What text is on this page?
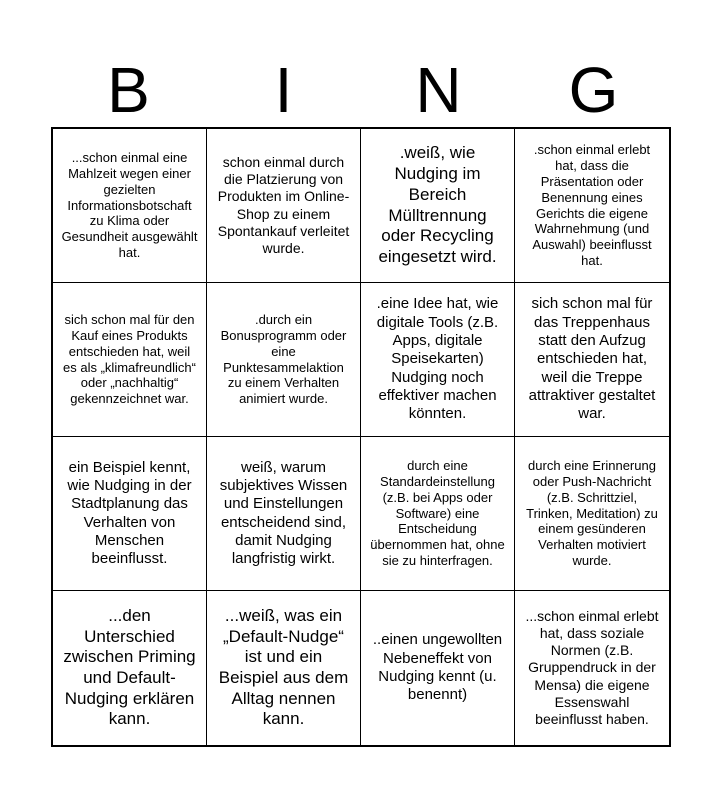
B	I	N	G
...schon einmal eine Mahlzeit wegen einer gezielten Informationsbotschaft zu Klima oder Gesundheit ausgewählt hat.
schon einmal durch die Platzierung von Produkten im Online-Shop zu einem Spontankauf verleitet wurde.
.weiß, wie Nudging im Bereich Mülltrennung oder Recycling eingesetzt wird.
.schon einmal erlebt hat, dass die Präsentation oder Benennung eines Gerichts die eigene Wahrnehmung (und Auswahl) beeinflusst hat.
sich schon mal für den Kauf eines Produkts entschieden hat, weil es als „klimafreundlich“ oder „nachhaltig“ gekennzeichnet war.
.durch ein Bonusprogramm oder eine Punktesammelaktion zu einem Verhalten animiert wurde.
.eine Idee hat, wie digitale Tools (z.B. Apps, digitale Speisekarten) Nudging noch effektiver machen könnten.
sich schon mal für das Treppenhaus statt den Aufzug entschieden hat, weil die Treppe attraktiver gestaltet war.
ein Beispiel kennt, wie Nudging in der Stadtplanung das Verhalten von Menschen beeinflusst.
weiß, warum subjektives Wissen und Einstellungen entscheidend sind, damit Nudging langfristig wirkt.
durch eine Standardeinstellung (z.B. bei Apps oder Software) eine Entscheidung übernommen hat, ohne sie zu hinterfragen.
durch eine Erinnerung oder Push-Nachricht (z.B. Schrittziel, Trinken, Meditation) zu einem gesünderen Verhalten motiviert wurde.
...den Unterschied zwischen Priming und Default-Nudging erklären kann.
...weiß, was ein „Default-Nudge“ ist und ein Beispiel aus dem Alltag nennen kann.
..einen ungewollten Nebeneffekt von Nudging kennt (u. benennt)
...schon einmal erlebt hat, dass soziale Normen (z.B. Gruppendruck in der Mensa) die eigene Essenswahl beeinflusst haben.
